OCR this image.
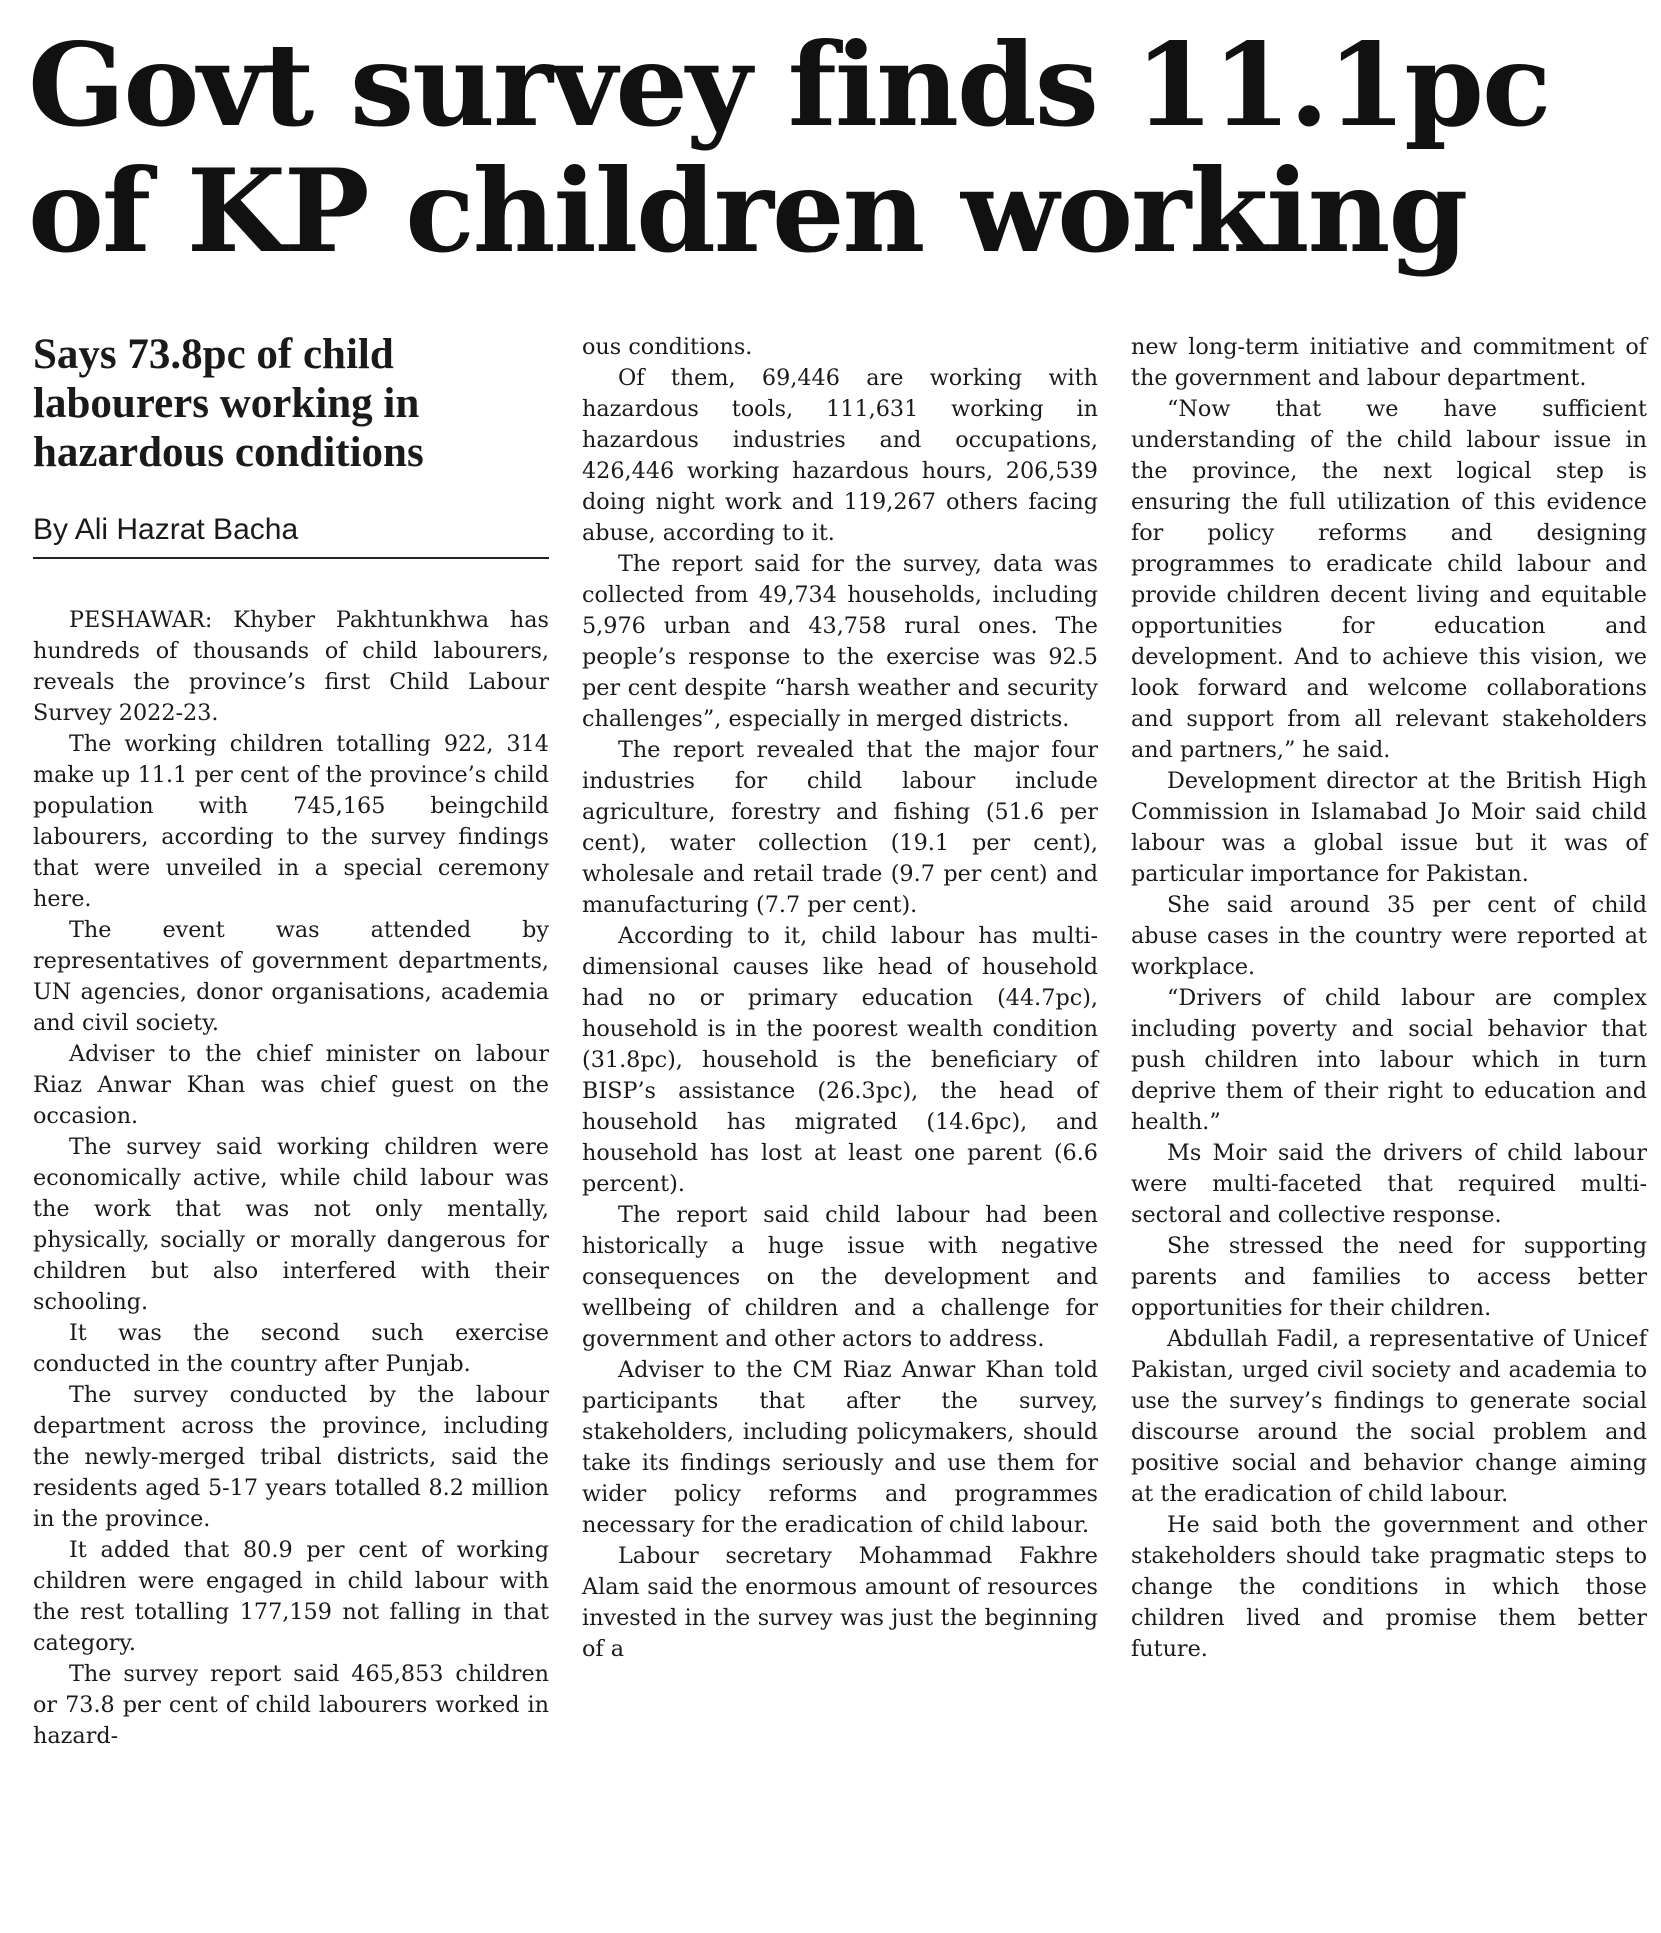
Govt survey finds 11.1pc of KP children working
Says 73.8pc of child labourers working in hazardous conditions
By Ali Hazrat Bacha

PESHAWAR: Khyber Pakhtunkhwa has hundreds of thousands of child labourers, reveals the province’s first Child Labour Survey 2022-23.

The working children totalling 922, 314 make up 11.1 per cent of the province’s child population with 745,165 beingchild labourers, according to the survey findings that were unveiled in a special ceremony here.

The event was attended by representatives of government departments, UN agencies, donor organisations, academia and civil society.

Adviser to the chief minister on labour Riaz Anwar Khan was chief guest on the occasion.

The survey said working children were economically active, while child labour was the work that was not only mentally, physically, socially or morally dangerous for children but also interfered with their schooling.

It was the second such exercise conducted in the country after Punjab.

The survey conducted by the labour department across the province, including the newly-merged tribal districts, said the residents aged 5-17 years totalled 8.2 million in the province.

It added that 80.9 per cent of working children were engaged in child labour with the rest totalling 177,159 not falling in that category.

The survey report said 465,853 children or 73.8 per cent of child labourers worked in hazard-

ous conditions.

Of them, 69,446 are working with hazardous tools, 111,631 working in hazardous industries and occupations, 426,446 working hazardous hours, 206,539 doing night work and 119,267 others facing abuse, according to it.

The report said for the survey, data was collected from 49,734 households, including 5,976 urban and 43,758 rural ones. The people’s response to the exercise was 92.5 per cent despite “harsh weather and security challenges”, especially in merged districts.

The report revealed that the major four industries for child labour include agriculture, forestry and fishing (51.6 per cent), water collection (19.1 per cent), wholesale and retail trade (9.7 per cent) and manufacturing (7.7 per cent).

According to it, child labour has multi-dimensional causes like head of household had no or primary education (44.7pc), household is in the poorest wealth condition (31.8pc), household is the beneficiary of BISP’s assistance (26.3pc), the head of household has migrated (14.6pc), and household has lost at least one parent (6.6 percent).

The report said child labour had been historically a huge issue with negative consequences on the development and wellbeing of children and a challenge for government and other actors to address.

Adviser to the CM Riaz Anwar Khan told participants that after the survey, stakeholders, including policymakers, should take its findings seriously and use them for wider policy reforms and programmes necessary for the eradication of child labour.

Labour secretary Mohammad Fakhre Alam said the enormous amount of resources invested in the survey was just the beginning of a

new long-term initiative and commitment of the government and labour department.

“Now that we have sufficient understanding of the child labour issue in the province, the next logical step is ensuring the full utilization of this evidence for policy reforms and designing programmes to eradicate child labour and provide children decent living and equitable opportunities for education and development. And to achieve this vision, we look forward and welcome collaborations and support from all relevant stakeholders and partners,” he said.

Development director at the British High Commission in Islamabad Jo Moir said child labour was a global issue but it was of particular importance for Pakistan.

She said around 35 per cent of child abuse cases in the country were reported at workplace.

“Drivers of child labour are complex including poverty and social behavior that push children into labour which in turn deprive them of their right to education and health.”

Ms Moir said the drivers of child labour were multi-faceted that required multi-sectoral and collective response.

She stressed the need for supporting parents and families to access better opportunities for their children.

Abdullah Fadil, a representative of Unicef Pakistan, urged civil society and academia to use the survey’s findings to generate social discourse around the social problem and positive social and behavior change aiming at the eradication of child labour.

He said both the government and other stakeholders should take pragmatic steps to change the conditions in which those children lived and promise them better future.
